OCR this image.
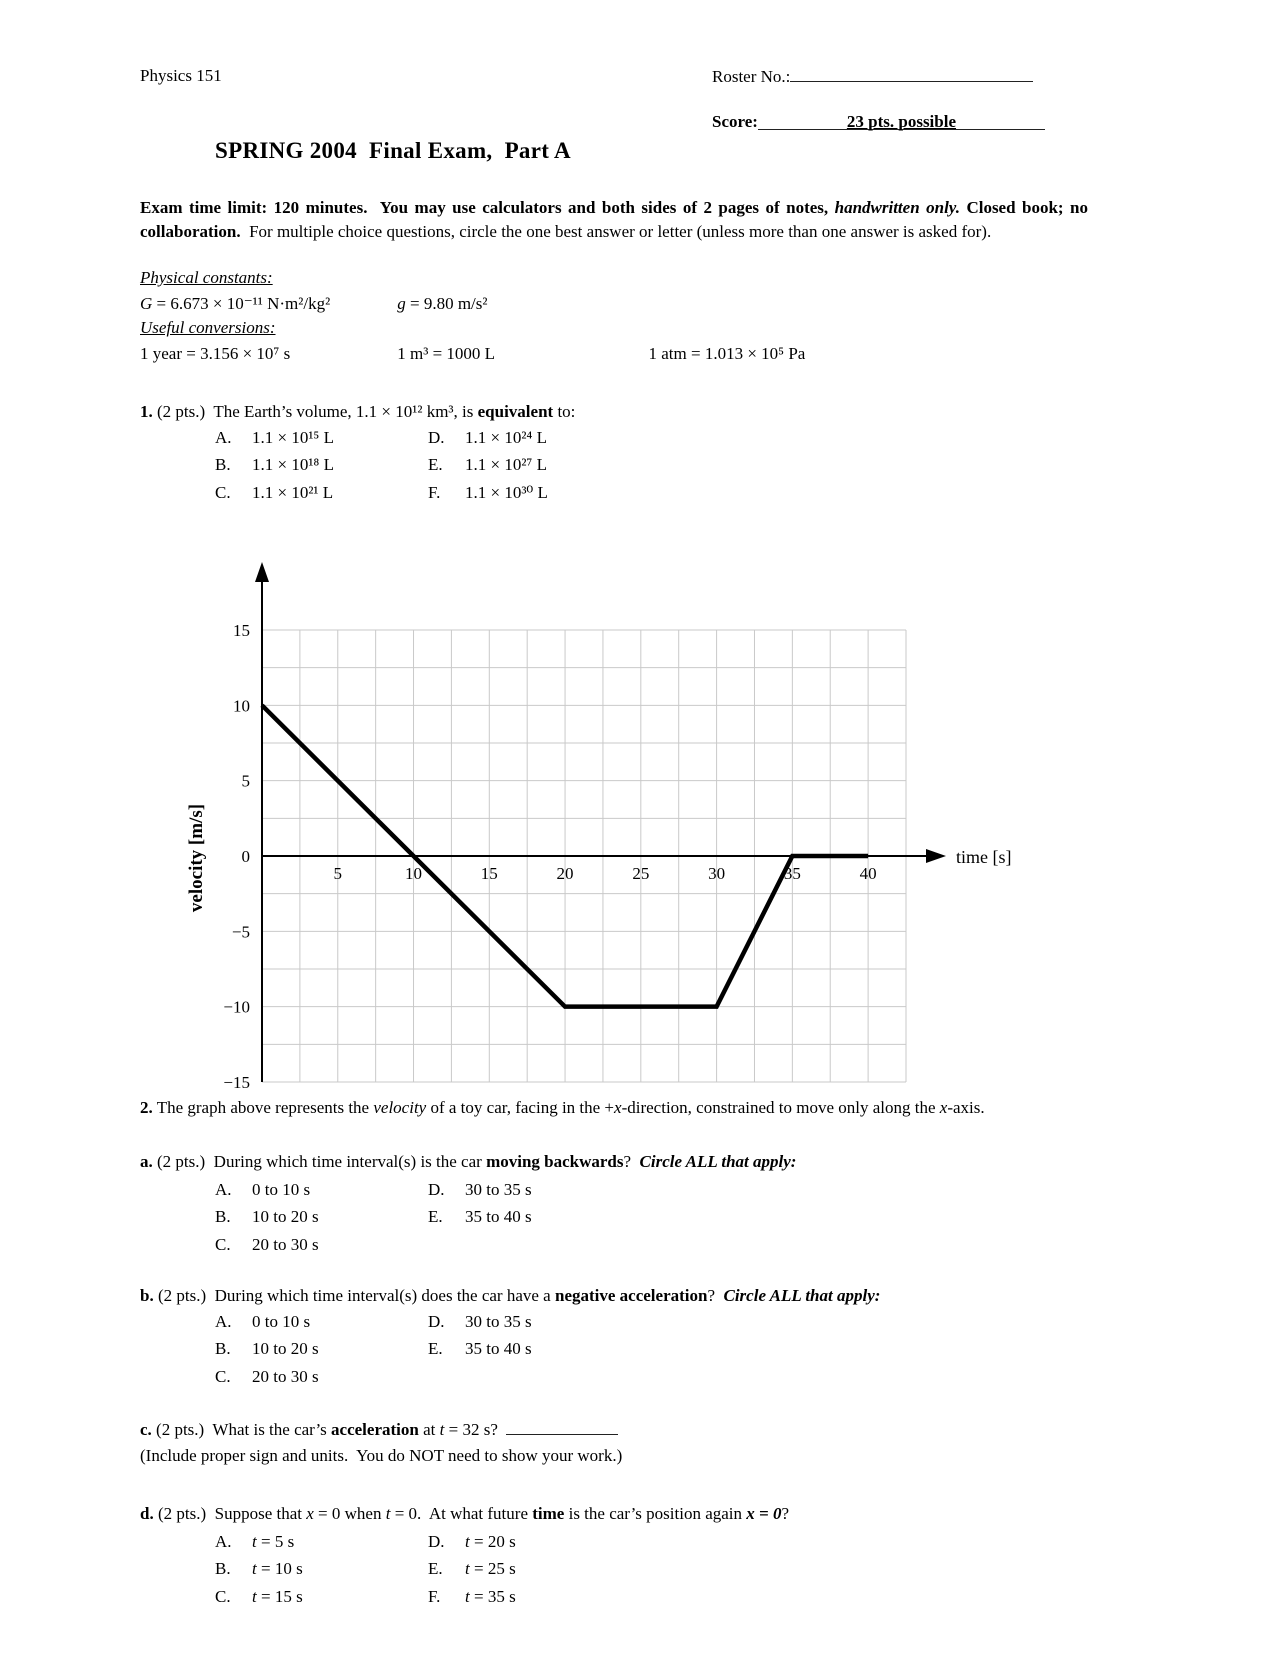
Physics 151	Roster No.:
Score:	23 pts. possible
SPRING 2004  Final Exam,  Part A
Exam time limit: 120 minutes.  You may use calculators and both sides of 2 pages of notes, handwritten only. Closed book; no collaboration.  For multiple choice questions, circle the one best answer or letter (unless more than one answer is asked for).
Physical constants:
G = 6.673 × 10⁻¹¹ N·m²/kg²	g = 9.80 m/s²
Useful conversions:
1 year = 3.156 × 10⁷ s	1 m³ = 1000 L	1 atm = 1.013 × 10⁵ Pa
1. (2 pts.)  The Earth’s volume, 1.1 × 10¹² km³, is equivalent to:
A. 1.1 × 10¹⁵ L
B. 1.1 × 10¹⁸ L
C. 1.1 × 10²¹ L
D. 1.1 × 10²⁴ L
E. 1.1 × 10²⁷ L
F. 1.1 × 10³⁰ L
15
10
5
0
−5
−10
−15
5	10	15	20	25	30	35	40
velocity [m/s]	time [s]
2. The graph above represents the velocity of a toy car, facing in the +x-direction, constrained to move only along the x-axis.
a. (2 pts.)  During which time interval(s) is the car moving backwards?  Circle ALL that apply:
A. 0 to 10 s
B. 10 to 20 s
C. 20 to 30 s
D. 30 to 35 s
E. 35 to 40 s
b. (2 pts.)  During which time interval(s) does the car have a negative acceleration?  Circle ALL that apply:
A. 0 to 10 s
B. 10 to 20 s
C. 20 to 30 s
D. 30 to 35 s
E. 35 to 40 s
c. (2 pts.)  What is the car’s acceleration at t = 32 s?
(Include proper sign and units.  You do NOT need to show your work.)
d. (2 pts.)  Suppose that x = 0 when t = 0.  At what future time is the car’s position again x = 0?
A. t = 5 s
B. t = 10 s
C. t = 15 s
D. t = 20 s
E. t = 25 s
F. t = 35 s
